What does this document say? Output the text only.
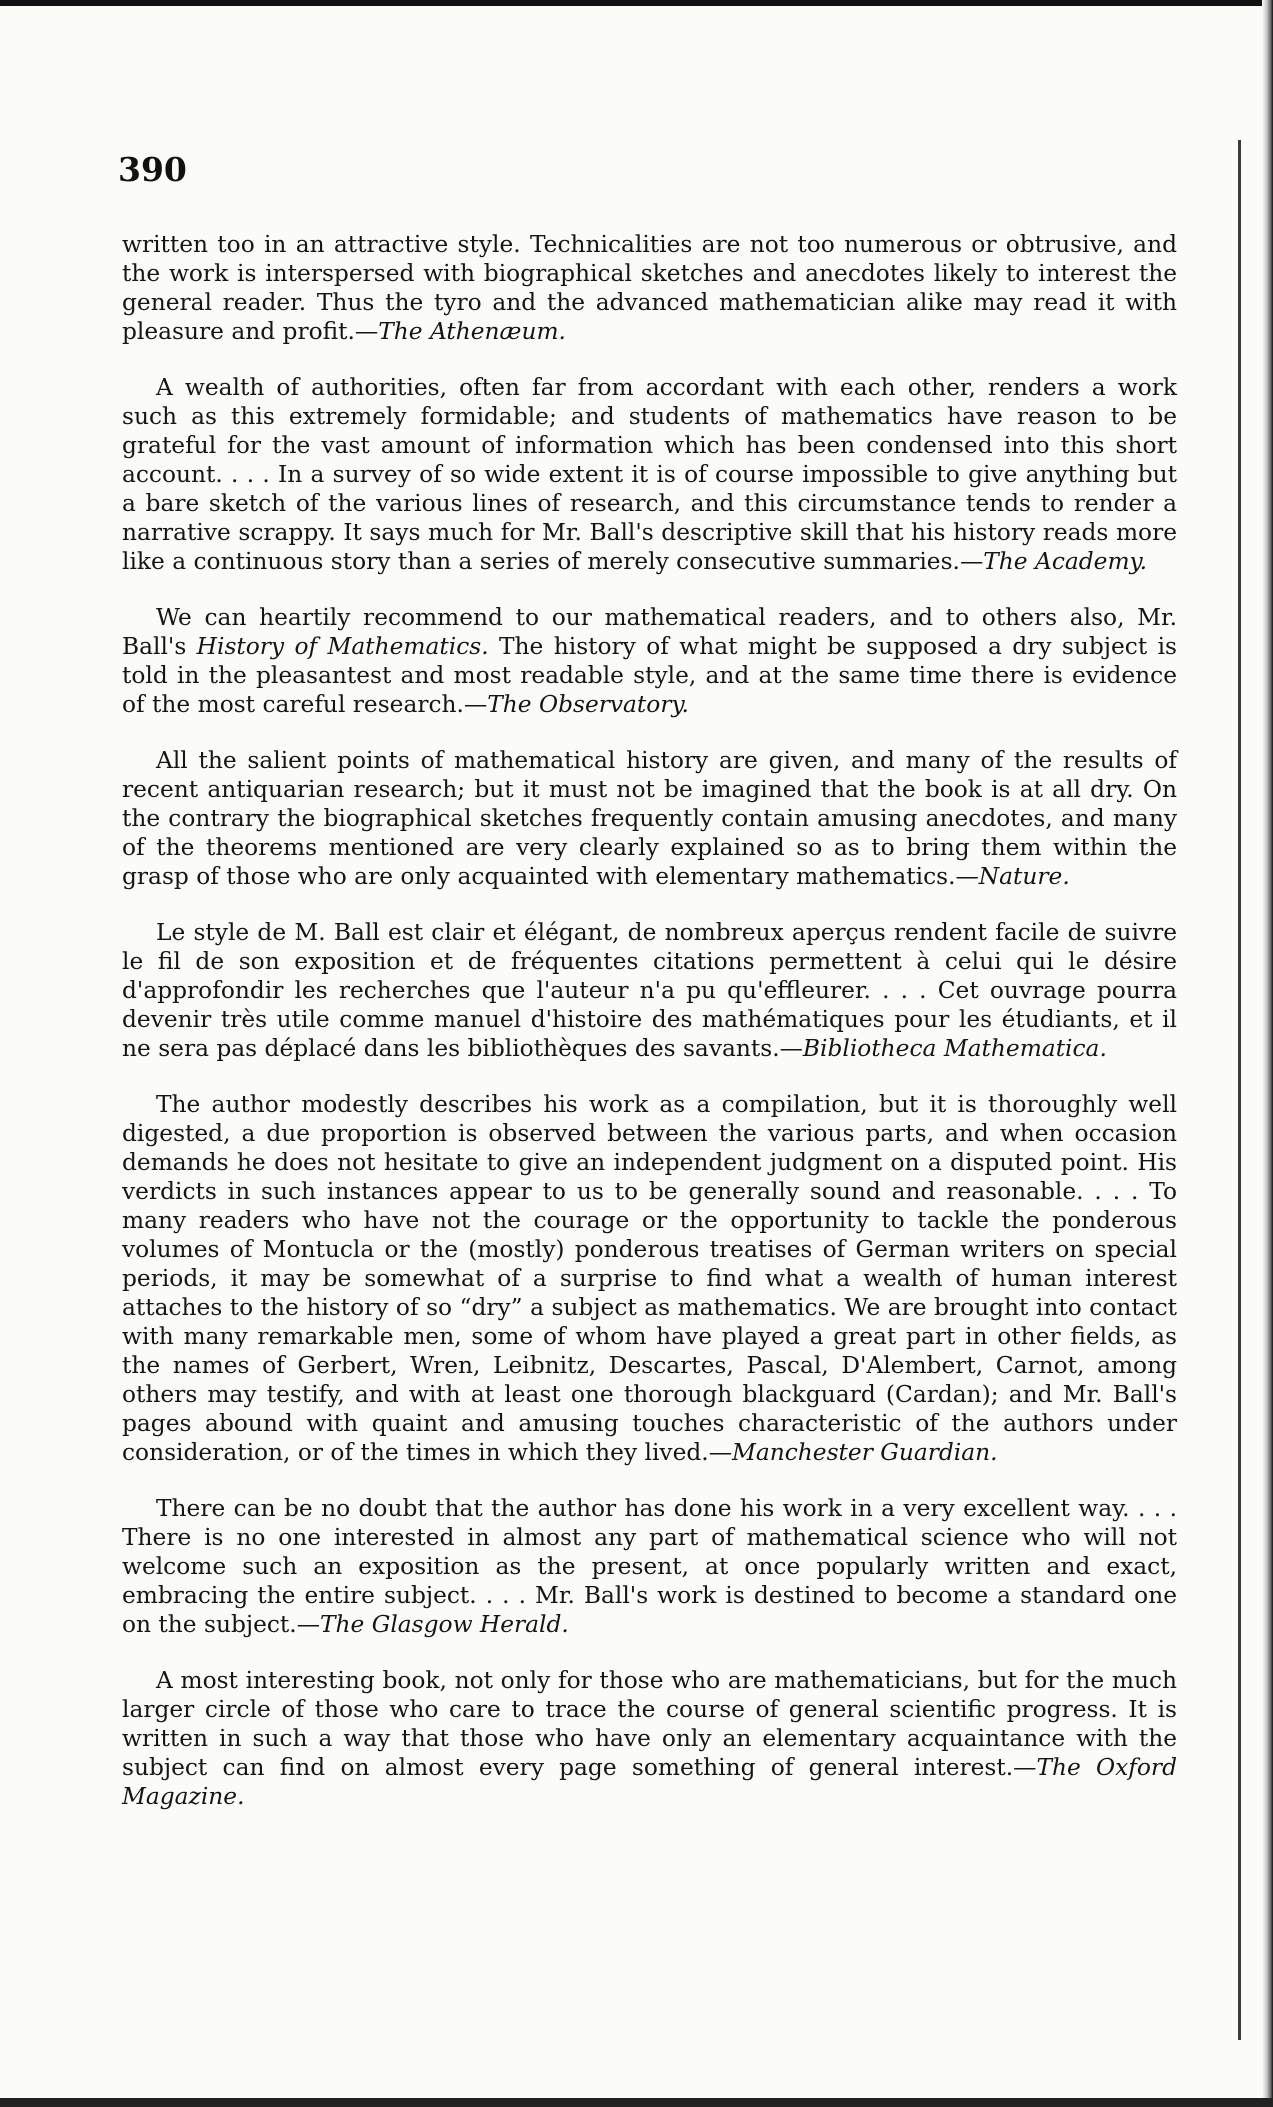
390

written too in an attractive style. Technicalities are not too numerous or obtrusive, and the work is interspersed with biographical sketches and anecdotes likely to interest the general reader. Thus the tyro and the advanced mathematician alike may read it with pleasure and profit.—The Athenæum.

A wealth of authorities, often far from accordant with each other, renders a work such as this extremely formidable; and students of mathematics have reason to be grateful for the vast amount of information which has been condensed into this short account. . . . In a survey of so wide extent it is of course impossible to give anything but a bare sketch of the various lines of research, and this circumstance tends to render a narrative scrappy. It says much for Mr. Ball's descriptive skill that his history reads more like a continuous story than a series of merely consecutive summaries.—The Academy.

We can heartily recommend to our mathematical readers, and to others also, Mr. Ball's History of Mathematics. The history of what might be supposed a dry subject is told in the pleasantest and most readable style, and at the same time there is evidence of the most careful research.—The Observatory.

All the salient points of mathematical history are given, and many of the results of recent antiquarian research; but it must not be imagined that the book is at all dry. On the contrary the biographical sketches frequently contain amusing anecdotes, and many of the theorems mentioned are very clearly explained so as to bring them within the grasp of those who are only acquainted with elementary mathematics.—Nature.

Le style de M. Ball est clair et élégant, de nombreux aperçus rendent facile de suivre le fil de son exposition et de fréquentes citations permettent à celui qui le désire d'approfondir les recherches que l'auteur n'a pu qu'effleurer. . . . Cet ouvrage pourra devenir très utile comme manuel d'histoire des mathématiques pour les étudiants, et il ne sera pas déplacé dans les bibliothèques des savants.—Bibliotheca Mathematica.

The author modestly describes his work as a compilation, but it is thoroughly well digested, a due proportion is observed between the various parts, and when occasion demands he does not hesitate to give an independent judgment on a disputed point. His verdicts in such instances appear to us to be generally sound and reasonable. . . . To many readers who have not the courage or the opportunity to tackle the ponderous volumes of Montucla or the (mostly) ponderous treatises of German writers on special periods, it may be somewhat of a surprise to find what a wealth of human interest attaches to the history of so “dry” a subject as mathematics. We are brought into contact with many remarkable men, some of whom have played a great part in other fields, as the names of Gerbert, Wren, Leibnitz, Descartes, Pascal, D'Alembert, Carnot, among others may testify, and with at least one thorough blackguard (Cardan); and Mr. Ball's pages abound with quaint and amusing touches characteristic of the authors under consideration, or of the times in which they lived.—Manchester Guardian.

There can be no doubt that the author has done his work in a very excellent way. . . . There is no one interested in almost any part of mathematical science who will not welcome such an exposition as the present, at once popularly written and exact, embracing the entire subject. . . . Mr. Ball's work is destined to become a standard one on the subject.—The Glasgow Herald.

A most interesting book, not only for those who are mathematicians, but for the much larger circle of those who care to trace the course of general scientific progress. It is written in such a way that those who have only an elementary acquaintance with the subject can find on almost every page something of general interest.—The Oxford Magazine.
